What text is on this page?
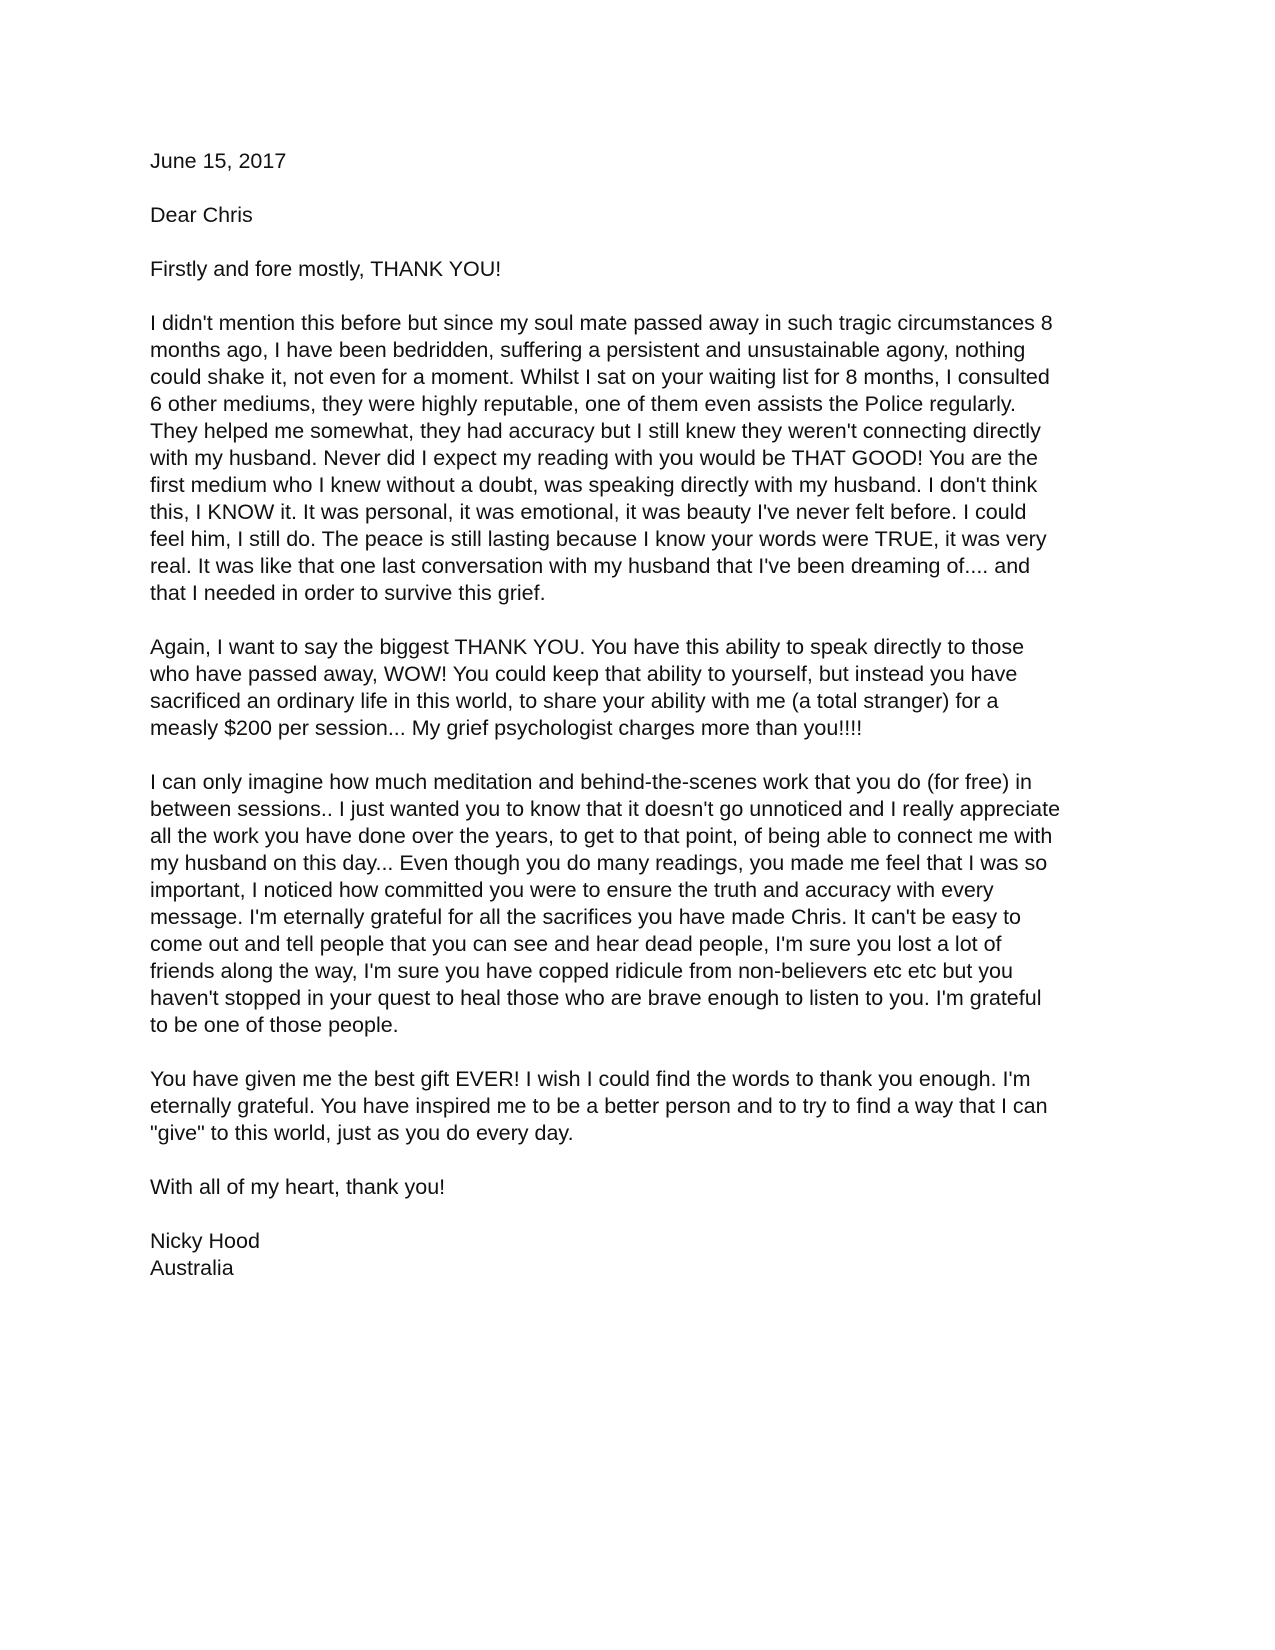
June 15, 2017

Dear Chris

Firstly and fore mostly, THANK YOU!

I didn't mention this before but since my soul mate passed away in such tragic circumstances 8
months ago, I have been bedridden, suffering a persistent and unsustainable agony, nothing
could shake it, not even for a moment. Whilst I sat on your waiting list for 8 months, I consulted
6 other mediums, they were highly reputable, one of them even assists the Police regularly.
They helped me somewhat, they had accuracy but I still knew they weren't connecting directly
with my husband. Never did I expect my reading with you would be THAT GOOD! You are the
first medium who I knew without a doubt, was speaking directly with my husband. I don't think
this, I KNOW it. It was personal, it was emotional, it was beauty I've never felt before. I could
feel him, I still do. The peace is still lasting because I know your words were TRUE, it was very
real. It was like that one last conversation with my husband that I've been dreaming of.... and
that I needed in order to survive this grief.

Again, I want to say the biggest THANK YOU. You have this ability to speak directly to those
who have passed away, WOW! You could keep that ability to yourself, but instead you have
sacrificed an ordinary life in this world, to share your ability with me (a total stranger) for a
measly $200 per session... My grief psychologist charges more than you!!!!

I can only imagine how much meditation and behind-the-scenes work that you do (for free) in
between sessions.. I just wanted you to know that it doesn't go unnoticed and I really appreciate
all the work you have done over the years, to get to that point, of being able to connect me with
my husband on this day... Even though you do many readings, you made me feel that I was so
important, I noticed how committed you were to ensure the truth and accuracy with every
message. I'm eternally grateful for all the sacrifices you have made Chris. It can't be easy to
come out and tell people that you can see and hear dead people, I'm sure you lost a lot of
friends along the way, I'm sure you have copped ridicule from non-believers etc etc but you
haven't stopped in your quest to heal those who are brave enough to listen to you. I'm grateful
to be one of those people.

You have given me the best gift EVER! I wish I could find the words to thank you enough. I'm
eternally grateful. You have inspired me to be a better person and to try to find a way that I can
"give" to this world, just as you do every day.

With all of my heart, thank you!

Nicky Hood
Australia
